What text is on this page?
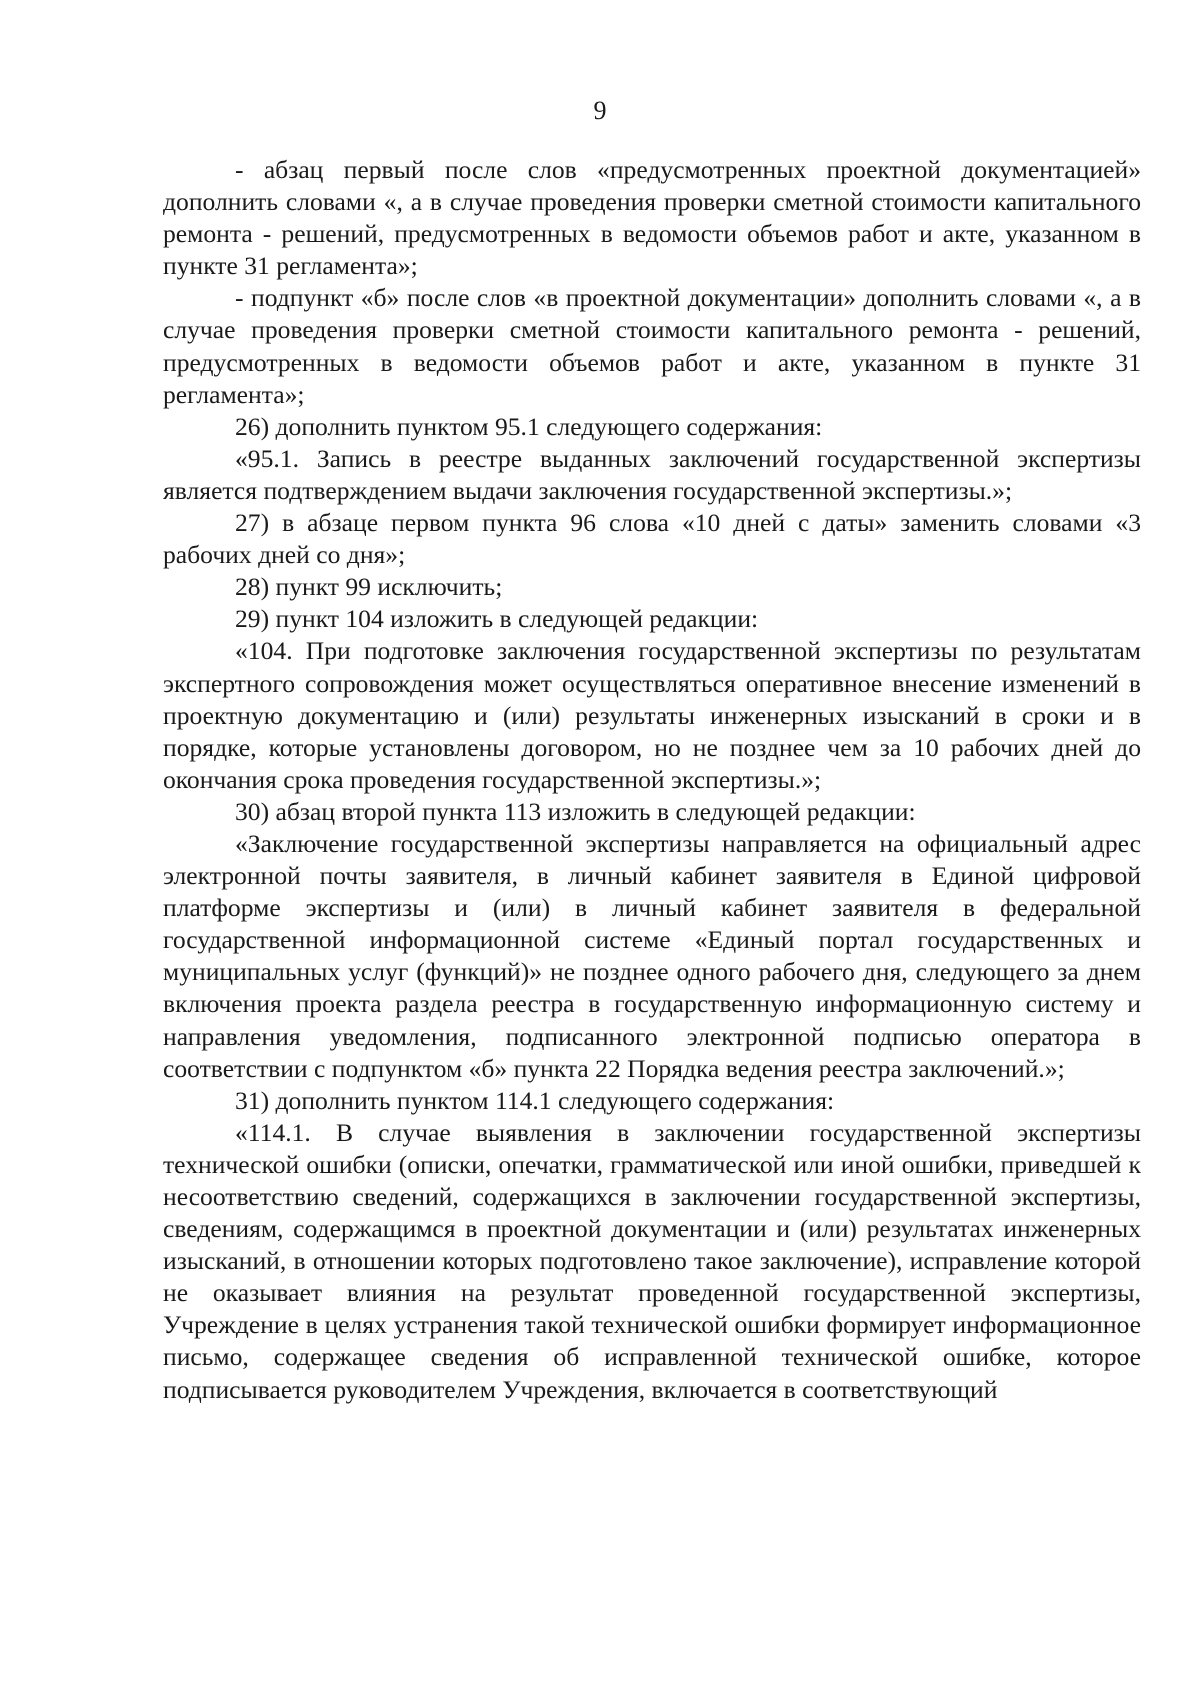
9

- абзац первый после слов «предусмотренных проектной документацией» дополнить словами «, а в случае проведения проверки сметной стоимости капитального ремонта - решений, предусмотренных в ведомости объемов работ и акте, указанном в пункте 31 регламента»;

- подпункт «б» после слов «в проектной документации» дополнить словами «, а в случае проведения проверки сметной стоимости капитального ремонта - решений, предусмотренных в ведомости объемов работ и акте, указанном в пункте 31 регламента»;

26) дополнить пунктом 95.1 следующего содержания:

«95.1. Запись в реестре выданных заключений государственной экспертизы является подтверждением выдачи заключения государственной экспертизы.»;

27) в абзаце первом пункта 96 слова «10 дней с даты» заменить словами «3 рабочих дней со дня»;

28) пункт 99 исключить;

29) пункт 104 изложить в следующей редакции:

«104. При подготовке заключения государственной экспертизы по результатам экспертного сопровождения может осуществляться оперативное внесение изменений в проектную документацию и (или) результаты инженерных изысканий в сроки и в порядке, которые установлены договором, но не позднее чем за 10 рабочих дней до окончания срока проведения государственной экспертизы.»;

30) абзац второй пункта 113 изложить в следующей редакции:

«Заключение государственной экспертизы направляется на официальный адрес электронной почты заявителя, в личный кабинет заявителя в Единой цифровой платформе экспертизы и (или) в личный кабинет заявителя в федеральной государственной информационной системе «Единый портал государственных и муниципальных услуг (функций)» не позднее одного рабочего дня, следующего за днем включения проекта раздела реестра в государственную информационную систему и направления уведомления, подписанного электронной подписью оператора в соответствии с подпунктом «б» пункта 22 Порядка ведения реестра заключений.»;

31) дополнить пунктом 114.1 следующего содержания:

«114.1. В случае выявления в заключении государственной экспертизы технической ошибки (описки, опечатки, грамматической или иной ошибки, приведшей к несоответствию сведений, содержащихся в заключении государственной экспертизы, сведениям, содержащимся в проектной документации и (или) результатах инженерных изысканий, в отношении которых подготовлено такое заключение), исправление которой не оказывает влияния на результат проведенной государственной экспертизы, Учреждение в целях устранения такой технической ошибки формирует информационное письмо, содержащее сведения об исправленной технической ошибке, которое подписывается руководителем Учреждения, включается в соответствующий
